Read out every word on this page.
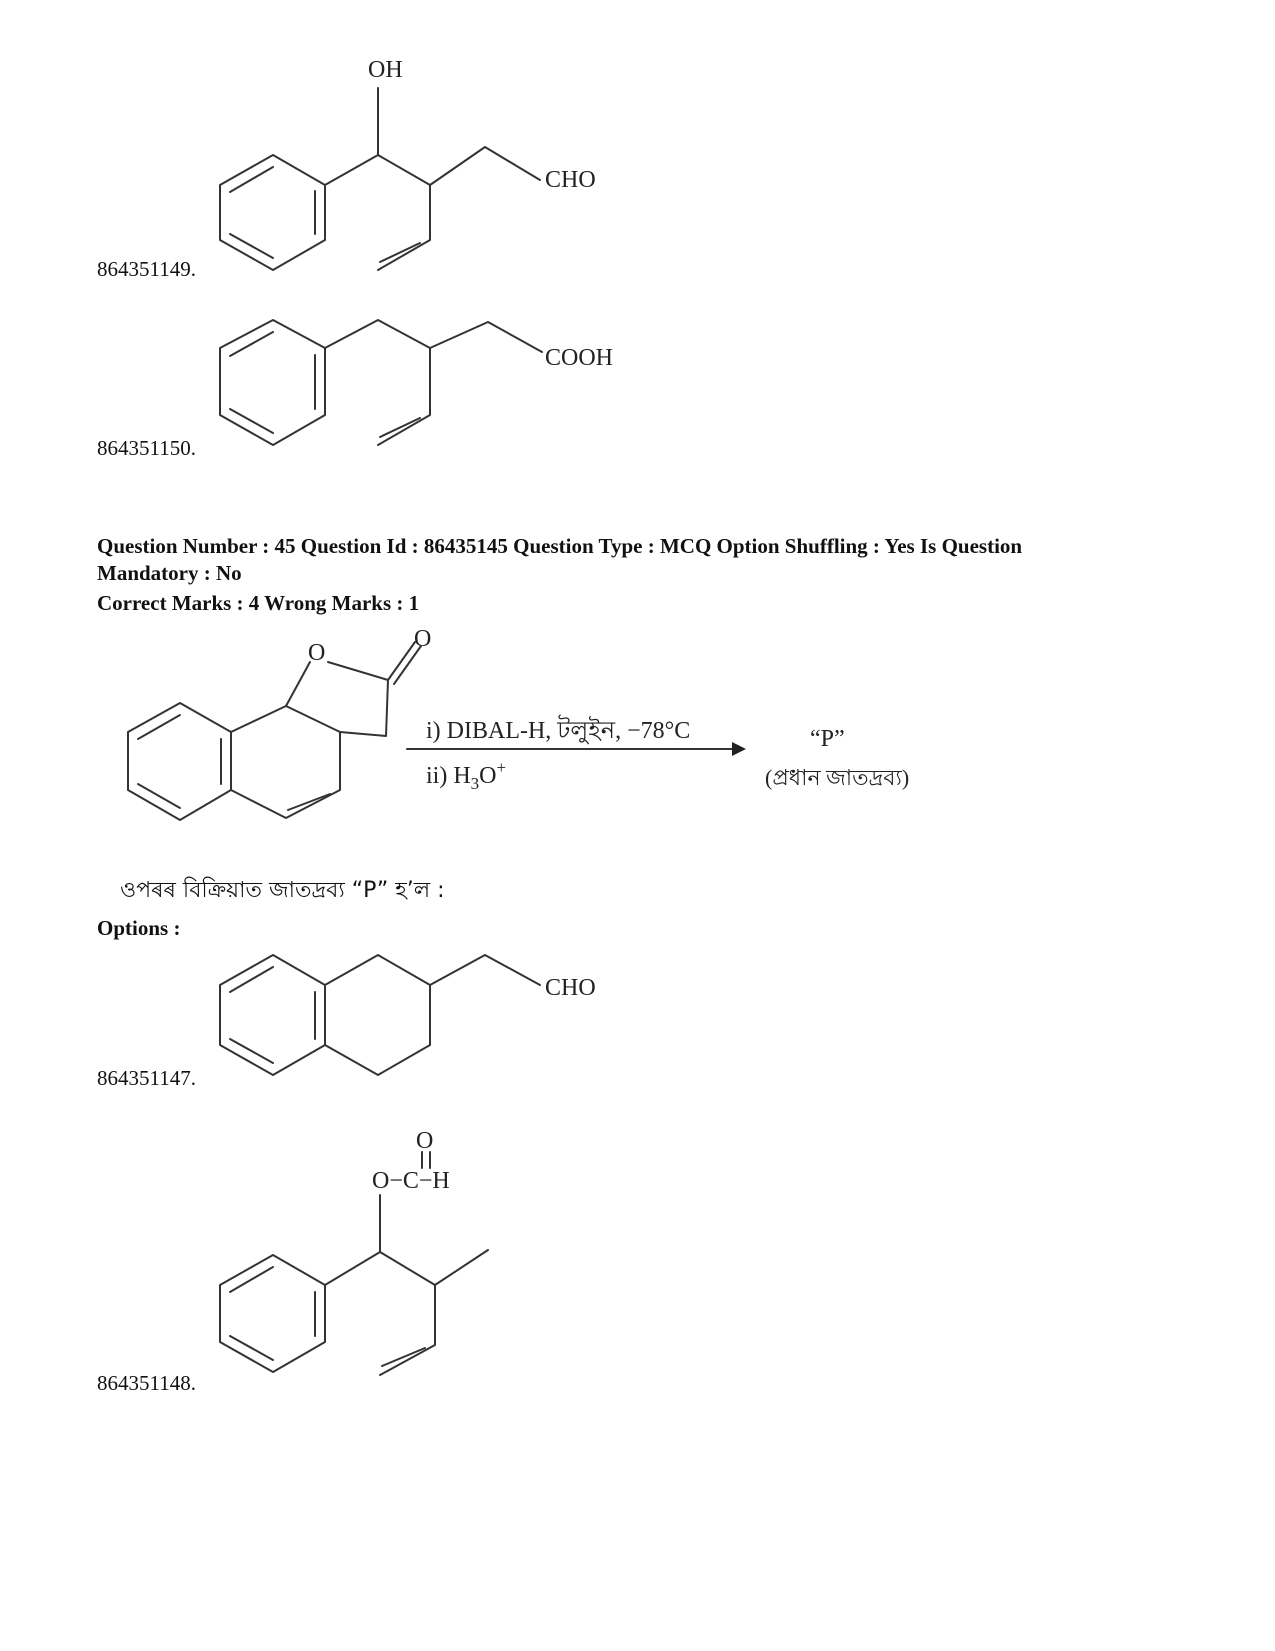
OH
CHO
864351149.
COOH
864351150.
Question Number : 45 Question Id : 86435145 Question Type : MCQ Option Shuffling : Yes Is Question
Mandatory : No
Correct Marks : 4 Wrong Marks : 1
O
O
i) DIBAL-H, টলুইন, −78°C
ii) $H_3O^+$
“P”
(প্ৰধান জাতদ্ৰব্য)
ওপৰৰ বিক্ৰিয়াত জাতদ্ৰব্য “P” হ’ল :
Options :
CHO
864351147.
O
O−C−H
864351148.
